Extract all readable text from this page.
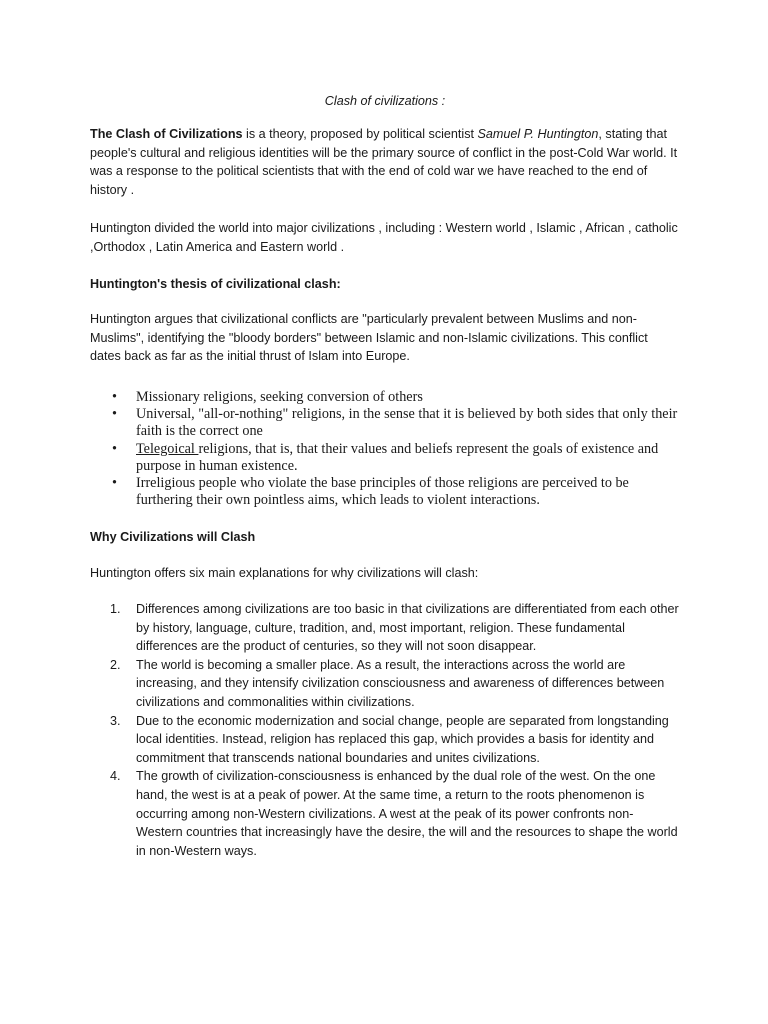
Clash of civilizations :

The Clash of Civilizations is a theory, proposed by political scientist Samuel P. Huntington, stating that people's cultural and religious identities will be the primary source of conflict in the post-Cold War world. It was a response to the political scientists that with the end of cold war we have reached to the end of history .

Huntington divided the world into major civilizations , including : Western world , Islamic , African , catholic ,Orthodox , Latin America and Eastern world .

Huntington's thesis of civilizational clash:

Huntington argues that civilizational conflicts are "particularly prevalent between Muslims and non-Muslims", identifying the "bloody borders" between Islamic and non-Islamic civilizations. This conflict dates back as far as the initial thrust of Islam into Europe.

• Missionary religions, seeking conversion of others
• Universal, "all-or-nothing" religions, in the sense that it is believed by both sides that only their faith is the correct one
• Telegoical religions, that is, that their values and beliefs represent the goals of existence and purpose in human existence.
• Irreligious people who violate the base principles of those religions are perceived to be furthering their own pointless aims, which leads to violent interactions.

Why Civilizations will Clash

Huntington offers six main explanations for why civilizations will clash:

1. Differences among civilizations are too basic in that civilizations are differentiated from each other by history, language, culture, tradition, and, most important, religion. These fundamental differences are the product of centuries, so they will not soon disappear.
2. The world is becoming a smaller place. As a result, the interactions across the world are increasing, and they intensify civilization consciousness and awareness of differences between civilizations and commonalities within civilizations.
3. Due to the economic modernization and social change, people are separated from longstanding local identities. Instead, religion has replaced this gap, which provides a basis for identity and commitment that transcends national boundaries and unites civilizations.
4. The growth of civilization-consciousness is enhanced by the dual role of the west. On the one hand, the west is at a peak of power. At the same time, a return to the roots phenomenon is occurring among non-Western civilizations. A west at the peak of its power confronts non-Western countries that increasingly have the desire, the will and the resources to shape the world in non-Western ways.
